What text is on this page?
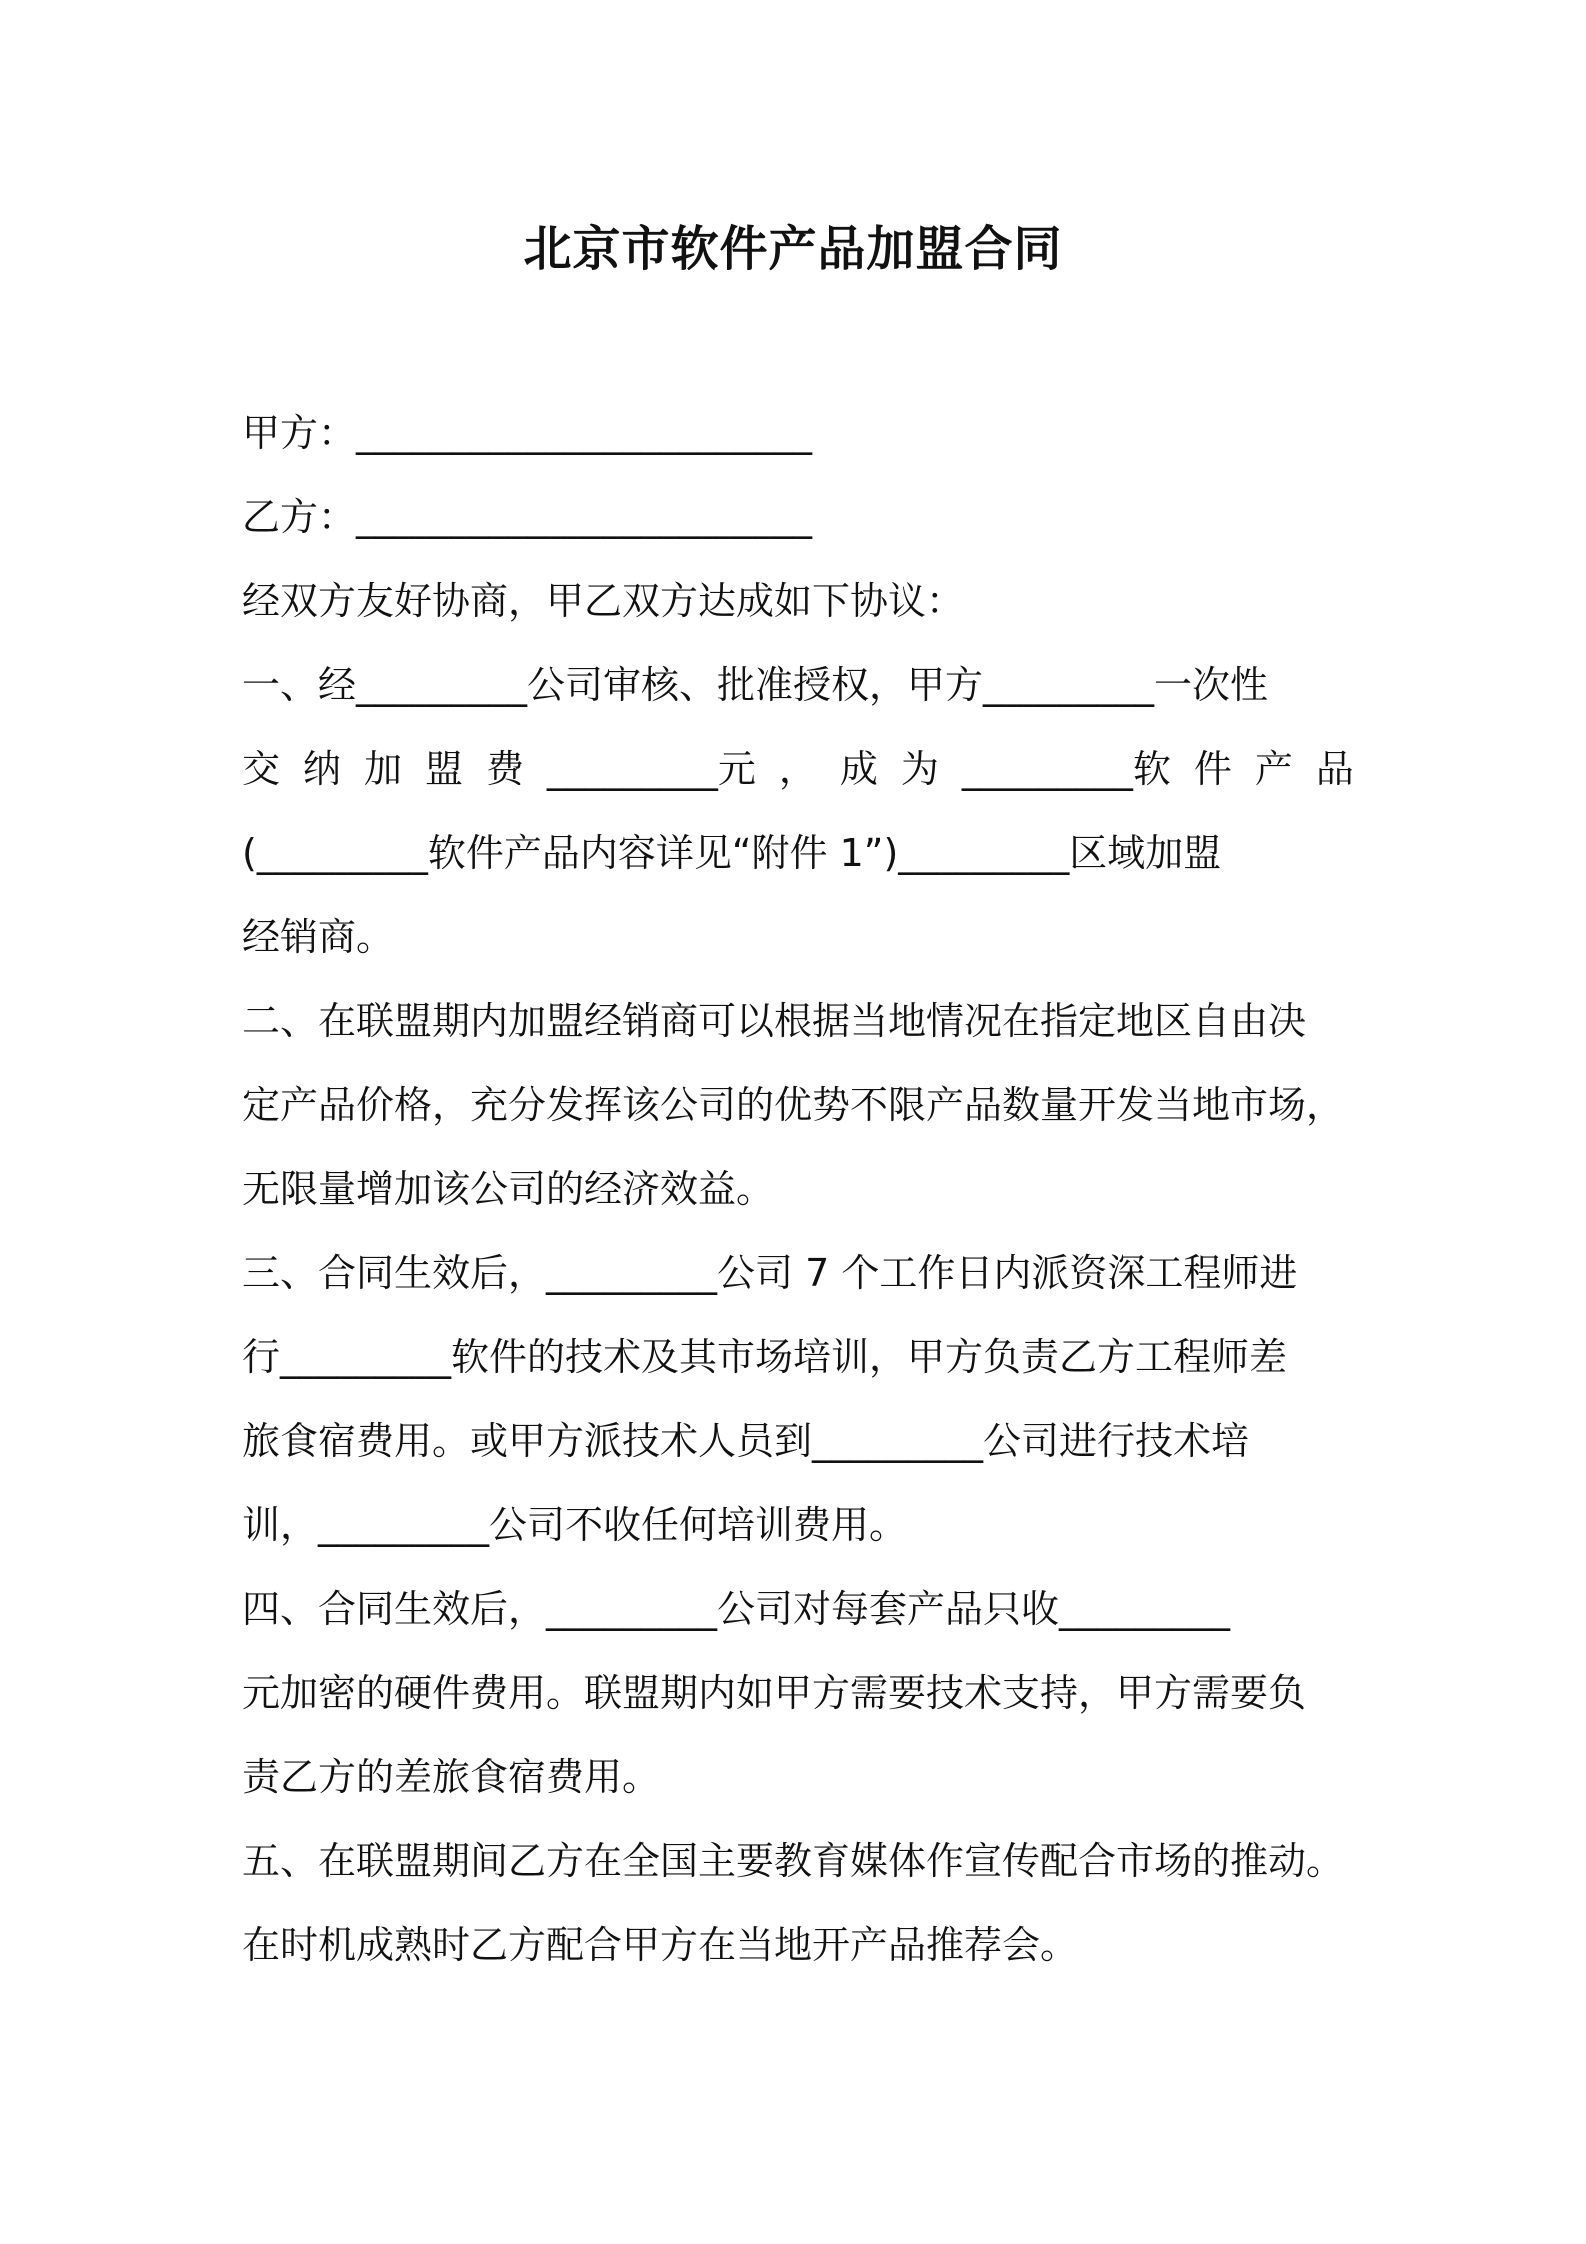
北京市软件产品加盟合同
甲方：________________________
乙方：________________________
经双方友好协商，甲乙双方达成如下协议：
一、经_________公司审核、批准授权，甲方_________一次性
交 纳 加 盟 费 _________元 ， 成 为 _________软 件 产 品
(_________软件产品内容详见“附件 1”)_________区域加盟
经销商。
二、在联盟期内加盟经销商可以根据当地情况在指定地区自由决
定产品价格，充分发挥该公司的优势不限产品数量开发当地市场，
无限量增加该公司的经济效益。
三、合同生效后，_________公司 7 个工作日内派资深工程师进
行_________软件的技术及其市场培训，甲方负责乙方工程师差
旅食宿费用。或甲方派技术人员到_________公司进行技术培
训，_________公司不收任何培训费用。
四、合同生效后，_________公司对每套产品只收_________
元加密的硬件费用。联盟期内如甲方需要技术支持，甲方需要负
责乙方的差旅食宿费用。
五、在联盟期间乙方在全国主要教育媒体作宣传配合市场的推动。
在时机成熟时乙方配合甲方在当地开产品推荐会。
